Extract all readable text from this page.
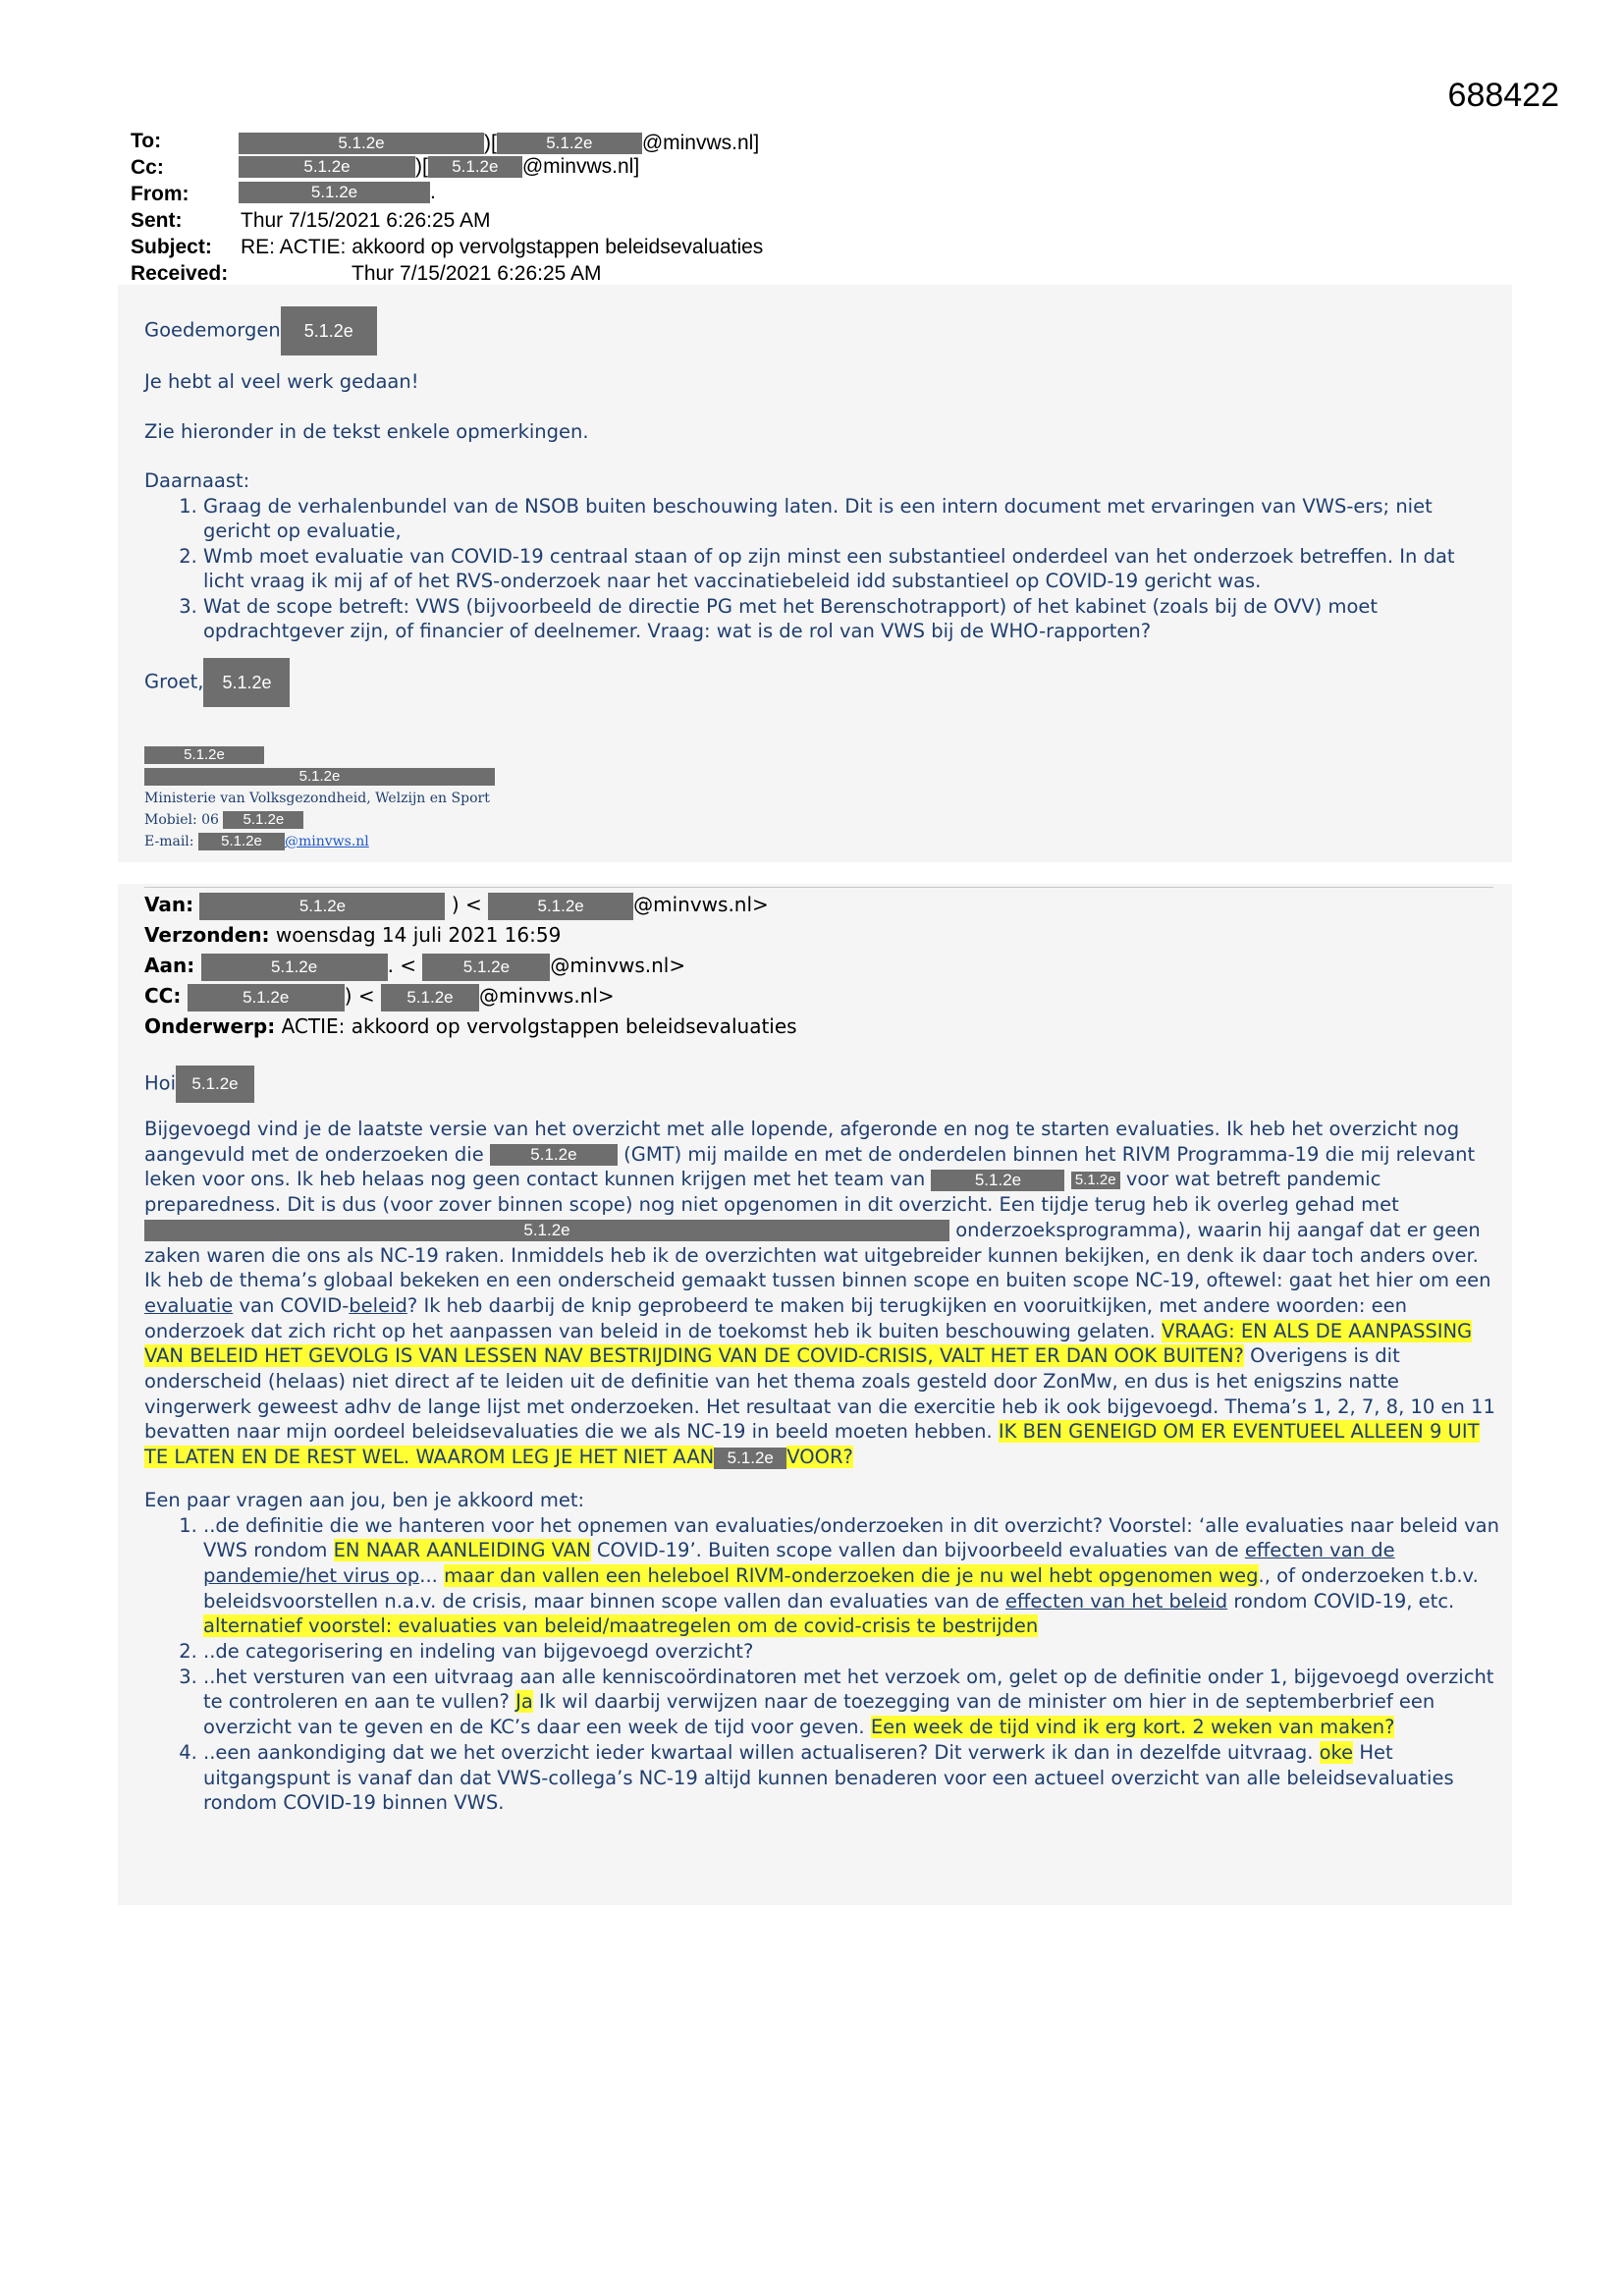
688422
To:	5.1.2e	)[	5.1.2e @minvws.nl]
Cc:	5.1.2e	)[ 5.1.2e @minvws.nl]
From:	5.1.2e	.
Sent:	Thur 7/15/2021 6:26:25 AM
Subject: RE: ACTIE: akkoord op vervolgstappen beleidsevaluaties
Received:	Thur 7/15/2021 6:26:25 AM

Goedemorgen 5.1.2e

Je hebt al veel werk gedaan!

Zie hieronder in de tekst enkele opmerkingen.

Daarnaast:

1. Graag de verhalenbundel van de NSOB buiten beschouwing laten. Dit is een intern document met ervaringen van VWS-ers; niet gericht op evaluatie,
2. Wmb moet evaluatie van COVID-19 centraal staan of op zijn minst een substantieel onderdeel van het onderzoek betreffen. In dat licht vraag ik mij af of het RVS-onderzoek naar het vaccinatiebeleid idd substantieel op COVID-19 gericht was.
3. Wat de scope betreft: VWS (bijvoorbeeld de directie PG met het Berenschotrapport) of het kabinet (zoals bij de OVV) moet opdrachtgever zijn, of financier of deelnemer. Vraag: wat is de rol van VWS bij de WHO-rapporten?

Groet, 5.1.2e

5.1.2e
5.1.2e
Ministerie van Volksgezondheid, Welzijn en Sport
Mobiel: 06 5.1.2e
E-mail: 5.1.2e @minvws.nl
Van:	5.1.2e	) <	5.1.2e	@minvws.nl>
Verzonden: woensdag 14 juli 2021 16:59
Aan:	5.1.2e	. < 5.1.2e @minvws.nl>
CC:	5.1.2e	) < 5.1.2e @minvws.nl>
Onderwerp: ACTIE: akkoord op vervolgstappen beleidsevaluaties

Hoi 5.1.2e

Bijgevoegd vind je de laatste versie van het overzicht met alle lopende, afgeronde en nog te starten evaluaties. Ik heb het overzicht nog aangevuld met de onderzoeken die	5.1.2e (GMT) mij mailde en met de onderdelen binnen het RIVM Programma-19 die mij relevant leken voor ons. Ik heb helaas nog geen contact kunnen krijgen met het team van	5.1.2e	5.1.2e voor wat betreft pandemic preparedness. Dit is dus (voor zover binnen scope) nog niet opgenomen in dit overzicht. Een tijdje terug heb ik overleg gehad met 5.1.2e	onderzoeksprogramma), waarin hij aangaf dat er geen zaken waren die ons als NC-19 raken. Inmiddels heb ik de overzichten wat uitgebreider kunnen bekijken, en denk ik daar toch anders over. Ik heb de thema’s globaal bekeken en een onderscheid gemaakt tussen binnen scope en buiten scope NC-19, oftewel: gaat het hier om een evaluatie van COVID-beleid? Ik heb daarbij de knip geprobeerd te maken bij terugkijken en vooruitkijken, met andere woorden: een onderzoek dat zich richt op het aanpassen van beleid in de toekomst heb ik buiten beschouwing gelaten. VRAAG: EN ALS DE AANPASSING VAN BELEID HET GEVOLG IS VAN LESSEN NAV BESTRIJDING VAN DE COVID-CRISIS, VALT HET ER DAN OOK BUITEN? Overigens is dit onderscheid (helaas) niet direct af te leiden uit de definitie van het thema zoals gesteld door ZonMw, en dus is het enigszins natte vingerwerk geweest adhv de lange lijst met onderzoeken. Het resultaat van die exercitie heb ik ook bijgevoegd. Thema’s 1, 2, 7, 8, 10 en 11 bevatten naar mijn oordeel beleidsevaluaties die we als NC-19 in beeld moeten hebben. IK BEN GENEIGD OM ER EVENTUEEL ALLEEN 9 UIT TE LATEN EN DE REST WEL. WAAROM LEG JE HET NIET AAN 5.1.2e VOOR?

Een paar vragen aan jou, ben je akkoord met:

1. ..de definitie die we hanteren voor het opnemen van evaluaties/onderzoeken in dit overzicht? Voorstel: ‘alle evaluaties naar beleid van VWS rondom EN NAAR AANLEIDING VAN COVID-19’. Buiten scope vallen dan bijvoorbeeld evaluaties van de effecten van de pandemie/het virus op... maar dan vallen een heleboel RIVM-onderzoeken die je nu wel hebt opgenomen weg., of onderzoeken t.b.v. beleidsvoorstellen n.a.v. de crisis, maar binnen scope vallen dan evaluaties van de effecten van het beleid rondom COVID-19, etc. alternatief voorstel: evaluaties van beleid/maatregelen om de covid-crisis te bestrijden
2. ..de categorisering en indeling van bijgevoegd overzicht?
3. ..het versturen van een uitvraag aan alle kenniscoördinatoren met het verzoek om, gelet op de definitie onder 1, bijgevoegd overzicht te controleren en aan te vullen? Ja Ik wil daarbij verwijzen naar de toezegging van de minister om hier in de septemberbrief een overzicht van te geven en de KC’s daar een week de tijd voor geven. Een week de tijd vind ik erg kort. 2 weken van maken?
4. ..een aankondiging dat we het overzicht ieder kwartaal willen actualiseren? Dit verwerk ik dan in dezelfde uitvraag. oke Het uitgangspunt is vanaf dan dat VWS-collega’s NC-19 altijd kunnen benaderen voor een actueel overzicht van alle beleidsevaluaties rondom COVID-19 binnen VWS.
